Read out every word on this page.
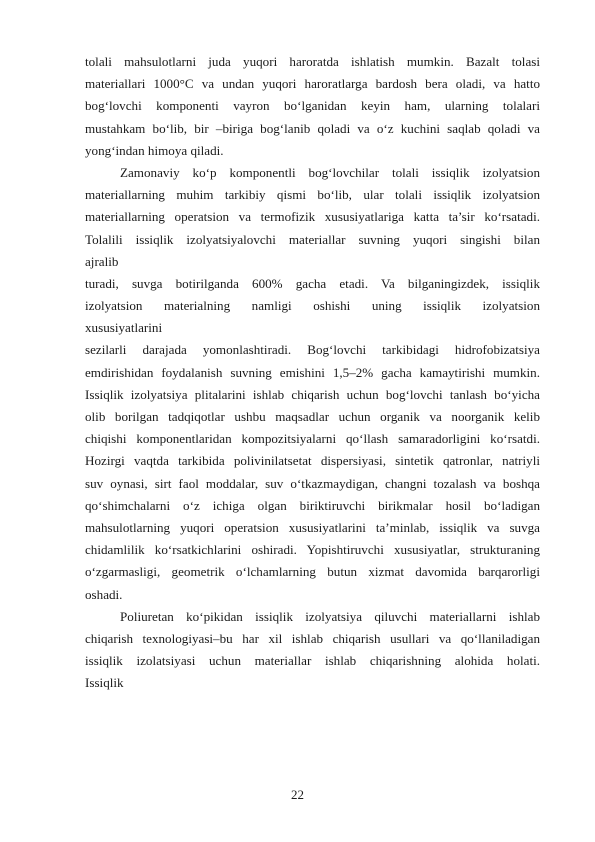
tolali mahsulotlarni juda yuqori haroratda ishlatish mumkin. Bazalt tolasi
materiallari 1000°C va undan yuqori haroratlarga bardosh bera oladi, va hatto
bogʻlovchi komponenti vayron boʻlganidan keyin ham, ularning tolalari
mustahkam boʻlib, bir –biriga bogʻlanib qoladi va oʻz kuchini saqlab qoladi va
yongʻindan himoya qiladi.
Zamonaviy koʻp komponentli bogʻlovchilar tolali issiqlik izolyatsion
materiallarning muhim tarkibiy qismi boʻlib, ular tolali issiqlik izolyatsion
materiallarning operatsion va termofizik xususiyatlariga katta ta’sir koʻrsatadi.
Tolalili issiqlik izolyatsiyalovchi materiallar suvning yuqori singishi bilan
ajralib
turadi, suvga botirilganda 600% gacha etadi. Va bilganingizdek, issiqlik
izolyatsion materialning namligi oshishi uning issiqlik izolyatsion
xususiyatlarini
sezilarli darajada yomonlashtiradi. Bogʻlovchi tarkibidagi hidrofobizatsiya
emdirishidan foydalanish suvning emishini 1,5–2% gacha kamaytirishi mumkin.
Issiqlik izolyatsiya plitalarini ishlab chiqarish uchun bogʻlovchi tanlash boʻyicha
olib borilgan tadqiqotlar ushbu maqsadlar uchun organik va noorganik kelib
chiqishi komponentlaridan kompozitsiyalarni qoʻllash samaradorligini koʻrsatdi.
Hozirgi vaqtda tarkibida polivinilatsetat dispersiyasi, sintetik qatronlar, natriyli
suv oynasi, sirt faol moddalar, suv oʻtkazmaydigan, changni tozalash va boshqa
qoʻshimchalarni oʻz ichiga olgan biriktiruvchi birikmalar hosil boʻladigan
mahsulotlarning yuqori operatsion xususiyatlarini ta’minlab, issiqlik va suvga
chidamlilik koʻrsatkichlarini oshiradi. Yopishtiruvchi xususiyatlar, strukturaning
oʻzgarmasligi, geometrik oʻlchamlarning butun xizmat davomida barqarorligi
oshadi.
Poliuretan koʻpikidan issiqlik izolyatsiya qiluvchi materiallarni ishlab
chiqarish texnologiyasi–bu har xil ishlab chiqarish usullari va qoʻllaniladigan
issiqlik izolatsiyasi uchun materiallar ishlab chiqarishning alohida holati.
Issiqlik
22
